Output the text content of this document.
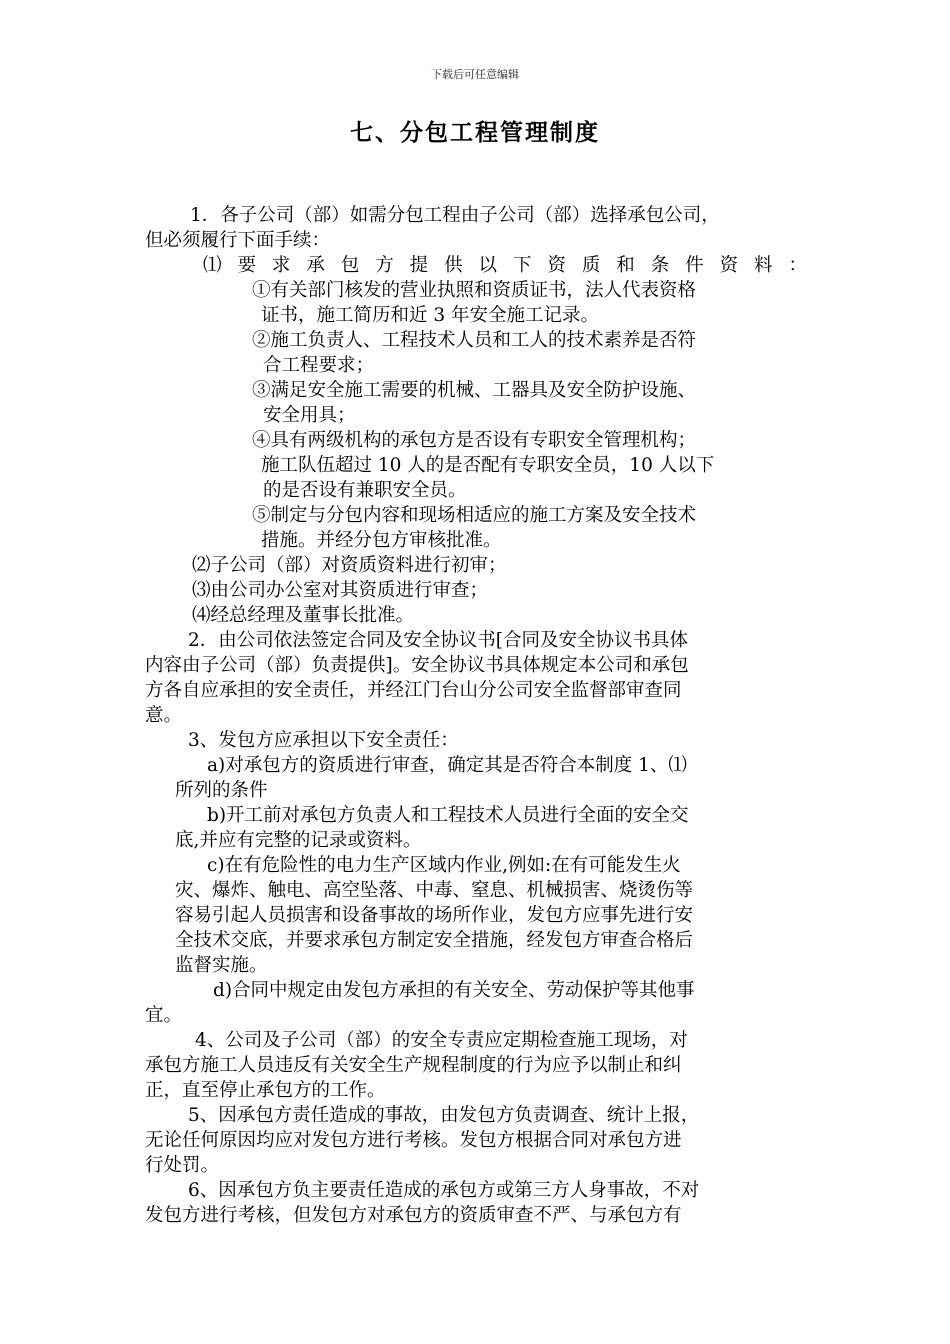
下载后可任意编辑
七、分包工程管理制度
1．各子公司（部）如需分包工程由子公司（部）选择承包公司，
但必须履行下面手续：
⑴ 要 求 承 包 方 提 供 以 下 资 质 和 条 件 资 料 ：
①有关部门核发的营业执照和资质证书，法人代表资格
证书，施工简历和近 3 年安全施工记录。
②施工负责人、工程技术人员和工人的技术素养是否符
合工程要求；
③满足安全施工需要的机械、工器具及安全防护设施、
安全用具；
④具有两级机构的承包方是否设有专职安全管理机构；
施工队伍超过 10 人的是否配有专职安全员，10 人以下
的是否设有兼职安全员。
⑤制定与分包内容和现场相适应的施工方案及安全技术
措施。并经分包方审核批准。
⑵子公司（部）对资质资料进行初审；
⑶由公司办公室对其资质进行审查；
⑷经总经理及董事长批准。
2．由公司依法签定合同及安全协议书[合同及安全协议书具体
内容由子公司（部）负责提供]。安全协议书具体规定本公司和承包
方各自应承担的安全责任，并经江门台山分公司安全监督部审查同
意。
3、发包方应承担以下安全责任：
a)对承包方的资质进行审查，确定其是否符合本制度 1、⑴
所列的条件
b)开工前对承包方负责人和工程技术人员进行全面的安全交
底,并应有完整的记录或资料。
c)在有危险性的电力生产区域内作业,例如:在有可能发生火
灾、爆炸、触电、高空坠落、中毒、窒息、机械损害、烧烫伤等
容易引起人员损害和设备事故的场所作业，发包方应事先进行安
全技术交底，并要求承包方制定安全措施，经发包方审查合格后
监督实施。
d)合同中规定由发包方承担的有关安全、劳动保护等其他事
宜。
4、公司及子公司（部）的安全专责应定期检查施工现场，对
承包方施工人员违反有关安全生产规程制度的行为应予以制止和纠
正，直至停止承包方的工作。
5、因承包方责任造成的事故，由发包方负责调查、统计上报，
无论任何原因均应对发包方进行考核。发包方根据合同对承包方进
行处罚。
6、因承包方负主要责任造成的承包方或第三方人身事故，不对
发包方进行考核，但发包方对承包方的资质审查不严、与承包方有
